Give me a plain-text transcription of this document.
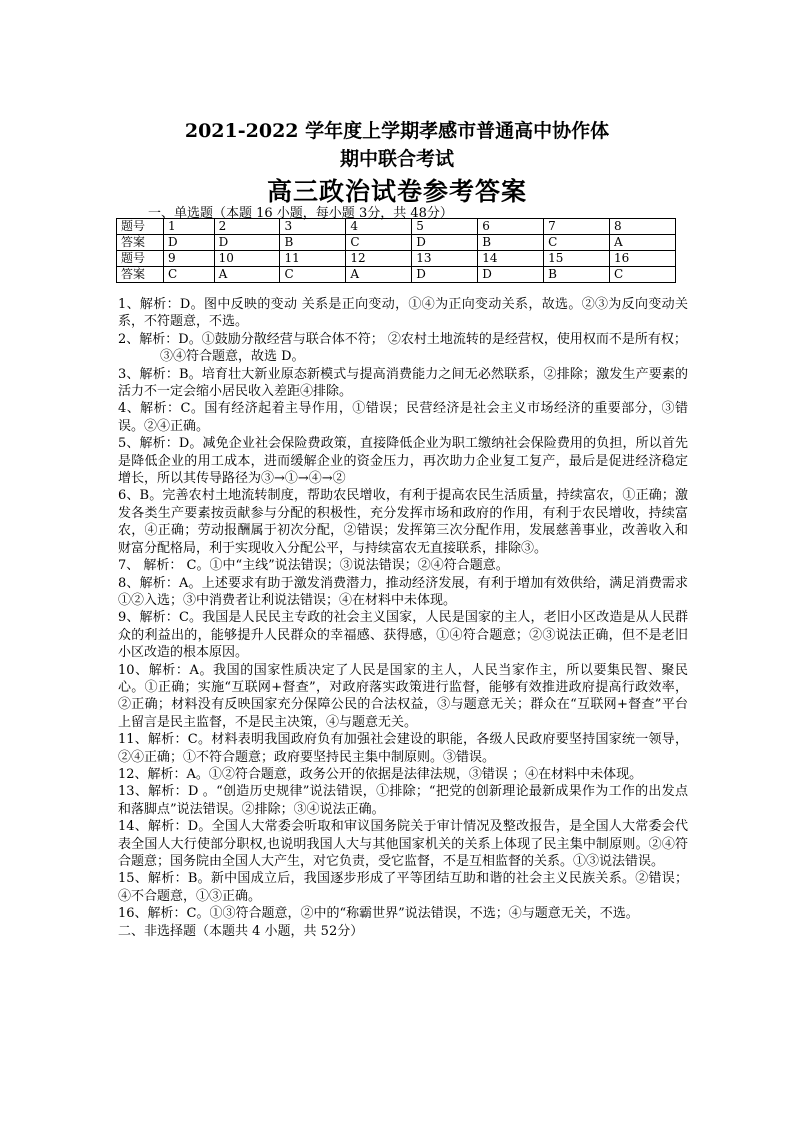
2021-2022 学年度上学期孝感市普通高中协作体
期中联合考试
高三政治试卷参考答案
一、单选题（本题 16 小题，每小题 3分，共 48分）
题号	1	2	3	4	5	6	7	8
答案	D	D	B	C	D	B	C	A
题号	9	10	11	12	13	14	15	16
答案	C	A	C	A	D	D	B	C

1、解析：D。图中反映的变动 关系是正向变动，①④为正向变动关系，故选。②③为反向变动关系，不符题意，不选。

2、解析：D。①鼓励分散经营与联合体不符； ②农村土地流转的是经营权，使用权而不是所有权；

③④符合题意，故选 D。

3、解析：B。培育壮大新业原态新模式与提高消费能力之间无必然联系，②排除；激发生产要素的活力不一定会缩小居民收入差距④排除。

4、解析：C。国有经济起着主导作用，①错误；民营经济是社会主义市场经济的重要部分，③错误。②④正确。

5、解析：D。减免企业社会保险费政策，直接降低企业为职工缴纳社会保险费用的负担，所以首先是降低企业的用工成本，进而缓解企业的资金压力，再次助力企业复工复产，最后是促进经济稳定增长，所以其传导路径为③→①→④→②

6、B。完善农村土地流转制度，帮助农民增收，有利于提高农民生活质量，持续富农，①正确；激发各类生产要素按贡献参与分配的积极性，充分发挥市场和政府的作用，有利于农民增收，持续富农，④正确；劳动报酬属于初次分配，②错误；发挥第三次分配作用，发展慈善事业，改善收入和财富分配格局，利于实现收入分配公平，与持续富农无直接联系，排除③。

7、 解析： C。①中“主线”说法错误；③说法错误；②④符合题意。

8、解析：A。上述要求有助于激发消费潜力，推动经济发展，有利于增加有效供给，满足消费需求①②入选；③中消费者让利说法错误；④在材料中未体现。

9、解析：C。我国是人民民主专政的社会主义国家，人民是国家的主人，老旧小区改造是从人民群众的利益出的，能够提升人民群众的幸福感、获得感，①④符合题意；②③说法正确，但不是老旧小区改造的根本原因。

10、解析：A。我国的国家性质决定了人民是国家的主人，人民当家作主，所以要集民智、聚民心。①正确；实施“互联网+督查”，对政府落实政策进行监督，能够有效推进政府提高行政效率，②正确；材料没有反映国家充分保障公民的合法权益，③与题意无关；群众在“互联网+督查”平台上留言是民主监督，不是民主决策，④与题意无关。

11、解析：C。材料表明我国政府负有加强社会建设的职能，各级人民政府要坚持国家统一领导，②④正确；①不符合题意；政府要坚持民主集中制原则。③错误。

12、解析：A。①②符合题意，政务公开的依据是法律法规，③错误 ；④在材料中未体现。

13、解析：D 。“创造历史规律”说法错误，①排除；“把党的创新理论最新成果作为工作的出发点和落脚点”说法错误。②排除；③④说法正确。

14、解析：D。全国人大常委会听取和审议国务院关于审计情况及整改报告，是全国人大常委会代表全国人大行使部分职权,也说明我国人大与其他国家机关的关系上体现了民主集中制原则。②④符合题意；国务院由全国人大产生，对它负责，受它监督，不是互相监督的关系。①③说法错误。

15、解析：B。新中国成立后，我国逐步形成了平等团结互助和谐的社会主义民族关系。②错误；④不合题意，①③正确。

16、解析：C。①③符合题意，②中的“称霸世界”说法错误，不选；④与题意无关，不选。

二、非选择题（本题共 4 小题，共 52分）
